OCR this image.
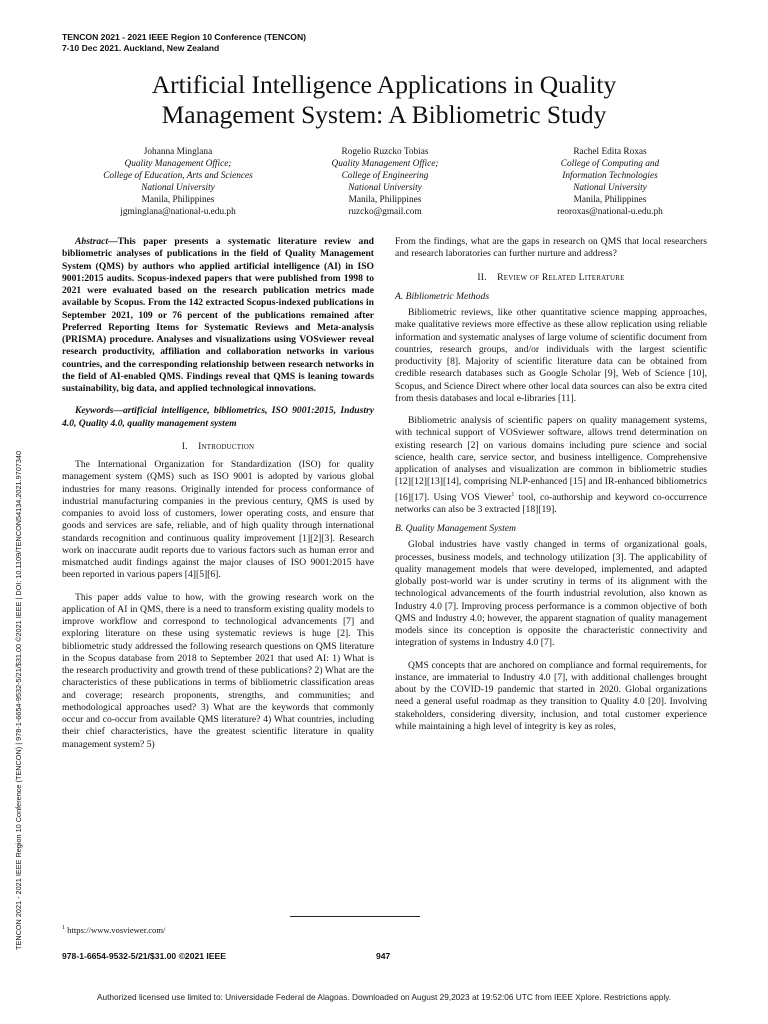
TENCON 2021 - 2021 IEEE Region 10 Conference (TENCON)
7-10 Dec 2021. Auckland, New Zealand
Artificial Intelligence Applications in Quality
Management System: A Bibliometric Study
Johanna Minglana
Quality Management Office;
College of Education, Arts and Sciences
National University
Manila, Philippines
jgminglana@national-u.edu.ph
Rogelio Ruzcko Tobias
Quality Management Office;
College of Engineering
National University
Manila, Philippines
ruzcko@gmail.com
Rachel Edita Roxas
College of Computing and
Information Technologies
National University
Manila, Philippines
reoroxas@national-u.edu.ph

Abstract—This paper presents a systematic literature review and bibliometric analyses of publications in the field of Quality Management System (QMS) by authors who applied artificial intelligence (AI) in ISO 9001:2015 audits. Scopus-indexed papers that were published from 1998 to 2021 were evaluated based on the research publication metrics made available by Scopus. From the 142 extracted Scopus-indexed publications in September 2021, 109 or 76 percent of the publications remained after Preferred Reporting Items for Systematic Reviews and Meta-analysis (PRISMA) procedure. Analyses and visualizations using VOSviewer reveal research productivity, affiliation and collaboration networks in various countries, and the corresponding relationship between research networks in the field of AI-enabled QMS. Findings reveal that QMS is leaning towards sustainability, big data, and applied technological innovations.

Keywords—artificial intelligence, bibliometrics, ISO 9001:2015, Industry 4.0, Quality 4.0, quality management system

I. Introduction

The International Organization for Standardization (ISO) for quality management system (QMS) such as ISO 9001 is adopted by various global industries for many reasons. Originally intended for process conformance of industrial manufacturing companies in the previous century, QMS is used by companies to avoid loss of customers, lower operating costs, and ensure that goods and services are safe, reliable, and of high quality through international standards recognition and continuous quality improvement [1][2][3]. Research work on inaccurate audit reports due to various factors such as human error and mismatched audit findings against the major clauses of ISO 9001:2015 have been reported in various papers [4][5][6].

This paper adds value to how, with the growing research work on the application of AI in QMS, there is a need to transform existing quality models to improve workflow and correspond to technological advancements [7] and exploring literature on these using systematic reviews is huge [2]. This bibliometric study addressed the following research questions on QMS literature in the Scopus database from 2018 to September 2021 that used AI: 1) What is the research productivity and growth trend of these publications? 2) What are the characteristics of these publications in terms of bibliometric classification areas and coverage; research proponents, strengths, and communities; and methodological approaches used? 3) What are the keywords that commonly occur and co-occur from available QMS literature? 4) What countries, including their chief characteristics, have the greatest scientific literature in quality management system? 5)

From the findings, what are the gaps in research on QMS that local researchers and research laboratories can further nurture and address?

II. Review of Related Literature
A. Bibliometric Methods

Bibliometric reviews, like other quantitative science mapping approaches, make qualitative reviews more effective as these allow replication using reliable information and systematic analyses of large volume of scientific document from countries, research groups, and/or individuals with the largest scientific productivity [8]. Majority of scientific literature data can be obtained from credible research databases such as Google Scholar [9], Web of Science [10], Scopus, and Science Direct where other local data sources can also be extra cited from thesis databases and local e-libraries [11].

Bibliometric analysis of scientific papers on quality management systems, with technical support of VOSviewer software, allows trend determination on existing research [2] on various domains including pure science and social science, health care, service sector, and business intelligence. Comprehensive application of analyses and visualization are common in bibliometric studies [12][12][13][14], comprising NLP-enhanced [15] and IR-enhanced bibliometrics [16][17]. Using VOS Viewer$^1$ tool, co-authorship and keyword co-occurrence networks can also be 3 extracted [18][19].

B. Quality Management System

Global industries have vastly changed in terms of organizational goals, processes, business models, and technology utilization [3]. The applicability of quality management models that were developed, implemented, and adapted globally post-world war is under scrutiny in terms of its alignment with the technological advancements of the fourth industrial revolution, also known as Industry 4.0 [7]. Improving process performance is a common objective of both QMS and Industry 4.0; however, the apparent stagnation of quality management models since its conception is opposite the characteristic connectivity and integration of systems in Industry 4.0 [7].

QMS concepts that are anchored on compliance and formal requirements, for instance, are immaterial to Industry 4.0 [7], with additional challenges brought about by the COVID-19 pandemic that started in 2020. Global organizations need a general useful roadmap as they transition to Quality 4.0 [20]. Involving stakeholders, considering diversity, inclusion, and total customer experience while maintaining a high level of integrity is key as roles,

$^1$ https://www.vosviewer.com/
978-1-6654-9532-5/21/$31.00 ©2021 IEEE	947
Authorized licensed use limited to: Universidade Federal de Alagoas. Downloaded on August 29,2023 at 19:52:06 UTC from IEEE Xplore. Restrictions apply.
TENCON 2021 - 2021 IEEE Region 10 Conference (TENCON) | 978-1-6654-9532-5/21/$31.00 ©2021 IEEE | DOI: 10.1109/TENCON54134.2021.9707340
